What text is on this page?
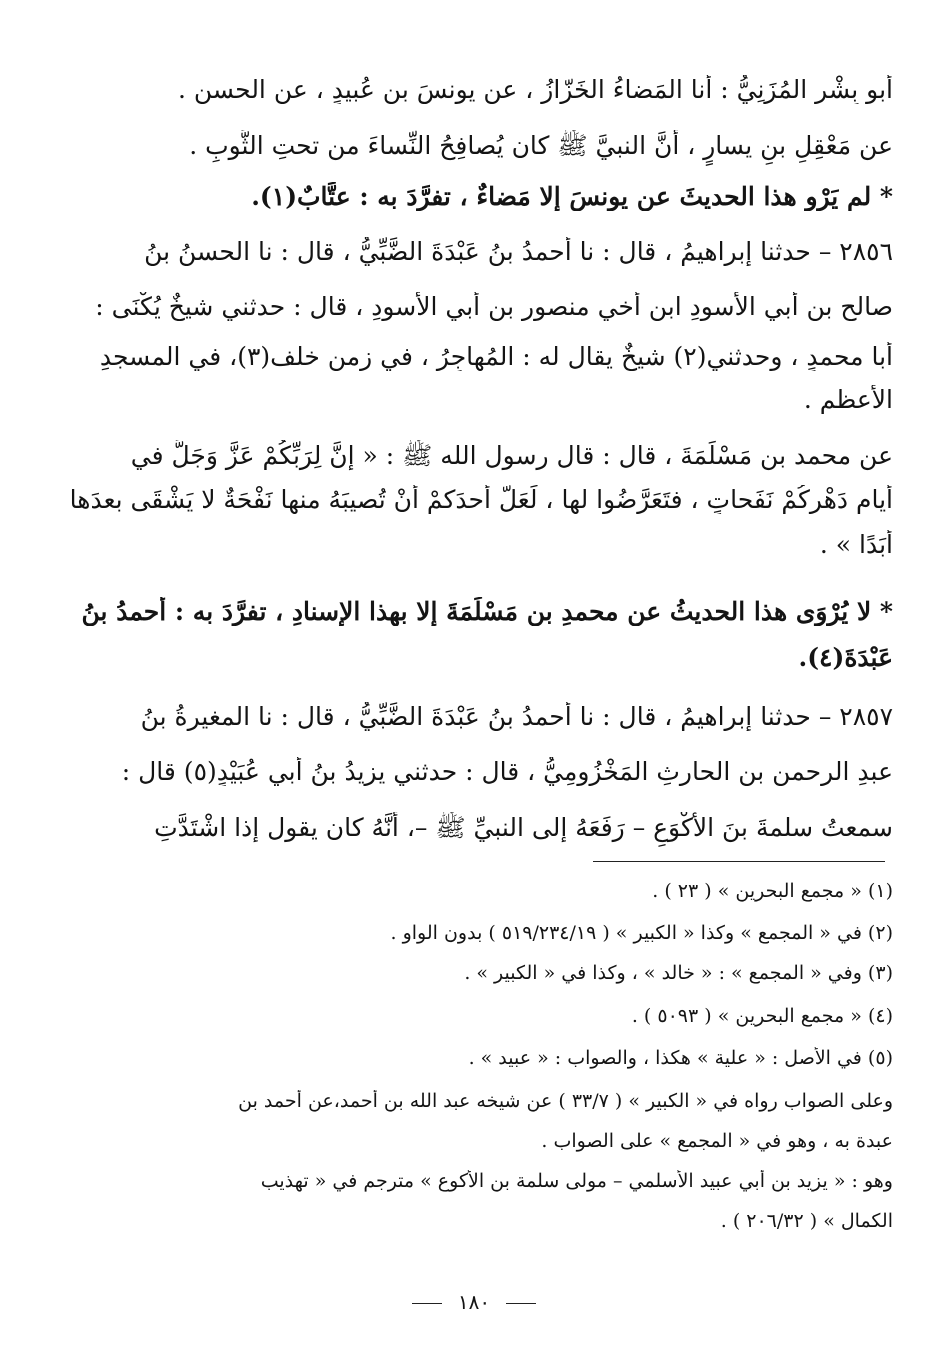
أبو بِشْرٍ المُزَنِيُّ : أنا المَضاءُ الخَزّازُ ، عن يونسَ بن عُبيدٍ ، عن الحسنِ .
عن مَعْقِلِ بنِ يسارٍ ، أنَّ النبيَّ ﷺ كان يُصافِحُ النِّساءَ من تحتِ الثَّوبِ .
* لم يَرْوِ هذا الحديثَ عن يونسَ إلا مَضاءٌ ، تفرَّدَ به : عتَّابٌ(١).
٢٨٥٦ – حدثنا إبراهيمُ ، قال : نا أحمدُ بنُ عَبْدَةَ الضَّبِّيُّ ، قال : نا الحسنُ بنُ
صالحِ بن أبي الأسودِ ابن أخي منصورِ بنِ أبي الأسودِ ، قال : حدثني شيخٌ يُكْنَى :
أبا محمدٍ ، وحدثني(٢) شيخٌ يقال له : المُهاجِرُ ، في زمن خلف(٣)، في المسجدِ
الأعظمِ .
عن محمد بن مَسْلَمَةَ ، قال : قال رسول الله ﷺ : « إنَّ لِرَبِّكُمْ عَزَّ وَجَلَّ في
أيامِ دَهْرِكُمْ نَفَحاتٍ ، فتَعَرَّضُوا لها ، لَعَلَّ أحدَكمْ أنْ تُصيبَهُ منها نَفْحَةٌ لا يَشْقَى بعدَها
أبَدًا » .
* لا يُرْوَى هذا الحديثُ عن محمدِ بنِ مَسْلَمَةَ إلا بهذا الإسنادِ ، تفرَّدَ به : أحمدُ بنُ
عَبْدَةَ(٤).
٢٨٥٧ – حدثنا إبراهيمُ ، قال : نا أحمدُ بنُ عَبْدَةَ الضَّبِّيُّ ، قال : نا المغيرةُ بنُ
عبدِ الرحمنِ بنِ الحارثِ المَخْزُومِيُّ ، قال : حدثني يزيدُ بنُ أبي عُبَيْدٍ(٥) قال :
سمعتُ سلمةَ بنَ الأَكْوَعِ – رَفَعَهُ إلى النبيِّ ﷺ –، أنَّهُ كان يقول إذا اشْتَدَّتِ
(١) « مجمع البحرين » ( ٢٣ ) .
(٢) في « المجمع » وكذا « الكبير » ( ٥١٩/٢٣٤/١٩ ) بدون الواو .
(٣) وفي « المجمع » : « خالد » ، وكذا في « الكبير » .
(٤) « مجمع البحرين » ( ٥٠٩٣ ) .
(٥) في الأصل : « علية » هكذا ، والصواب : « عبيد » .
وعلى الصواب رواه في « الكبير » ( ٣٣/٧ ) عن شيخه عبد الله بن أحمد،عن أحمد بن
عبدة به ، وهو في « المجمع » على الصواب .
وهو : « يزيد بن أبي عبيد الأسلمي – مولى سلمة بن الأكوع » مترجم في « تهذيب
الكمال » ( ٢٠٦/٣٢ ) .
١٨٠
